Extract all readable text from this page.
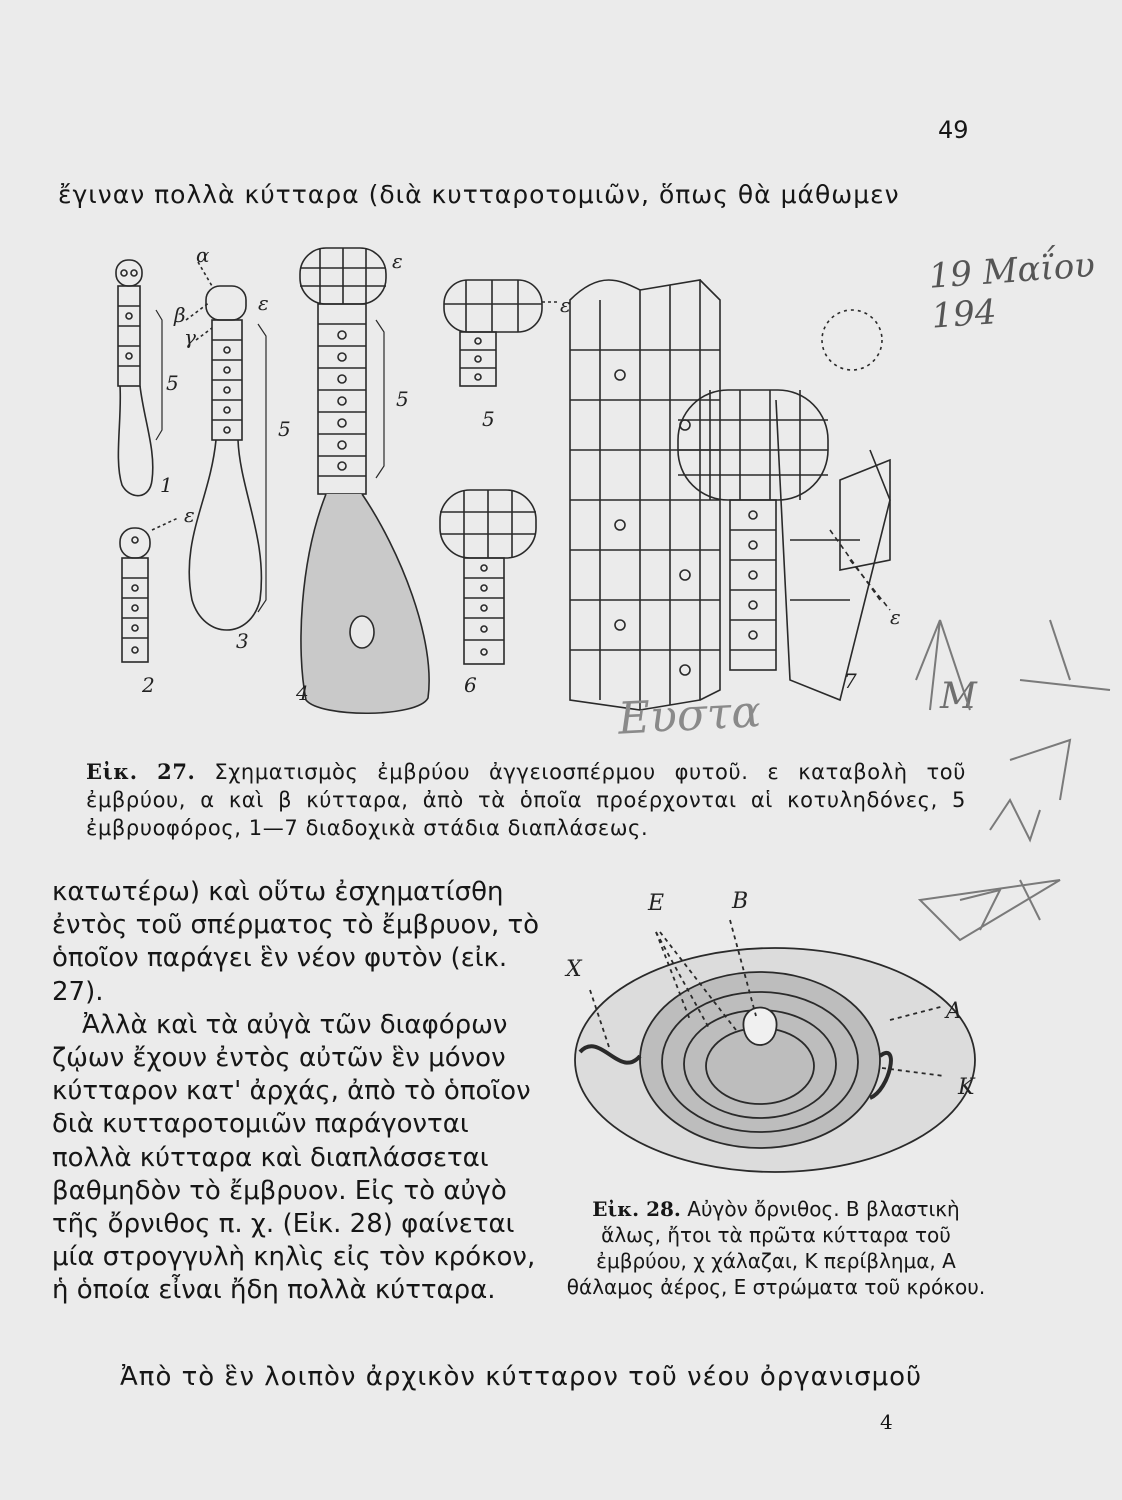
49
ἔγιναν πολλὰ κύτταρα (διὰ κυτταροτομιῶν, ὅπως θὰ μάθωμεν
α
β
γ
ε
ε
ε
ε
ε
5
5
5
1
2
3
4
5
6	7

Εἰκ. 27. Σχηματισμὸς ἐμβρύου ἀγγειοσπέρμου φυτοῦ. ε καταβολὴ τοῦ ἐμβρύου, α καὶ β κύτταρα, ἀπὸ τὰ ὁποῖα προέρχονται αἱ κοτυληδόνες, 5 ἐμβρυοφόρος, 1—7 διαδοχικὰ στάδια διαπλάσεως.

κατωτέρω) καὶ οὕτω ἐσχηματίσθη ἐντὸς τοῦ σπέρματος τὸ ἔμβρυον, τὸ ὁποῖον παράγει ἓν νέον φυτὸν (εἰκ. 27).

Ἀλλὰ καὶ τὰ αὐγὰ τῶν διαφόρων ζῴων ἔχουν ἐντὸς αὐτῶν ἓν μόνον κύτταρον κατ' ἀρχάς, ἀπὸ τὸ ὁποῖον διὰ κυτταροτομιῶν παράγονται πολλὰ κύτταρα καὶ διαπλάσσεται βαθμηδὸν τὸ ἔμβρυον. Εἰς τὸ αὐγὸ τῆς ὄρνιθος π. χ. (Εἰκ. 28) φαίνεται μία στρογγυλὴ κηλὶς εἰς τὸν κρόκον, ἡ ὁποία εἶναι ἤδη πολλὰ κύτταρα.

E	B
X
A
K

Εἰκ. 28. Αὐγὸν ὄρνιθος. Β βλαστικὴ ἅλως, ἤτοι τὰ πρῶτα κύτταρα τοῦ ἐμβρύου, χ χάλαζαι, Κ περίβλημα, Α θάλαμος ἀέρος, Ε στρώματα τοῦ κρόκου.

Ἀπὸ τὸ ἓν λοιπὸν ἀρχικὸν κύτταρον τοῦ νέου ὀργανισμοῦ
4
19 Μαΐου 194
Ευστα	Μ
